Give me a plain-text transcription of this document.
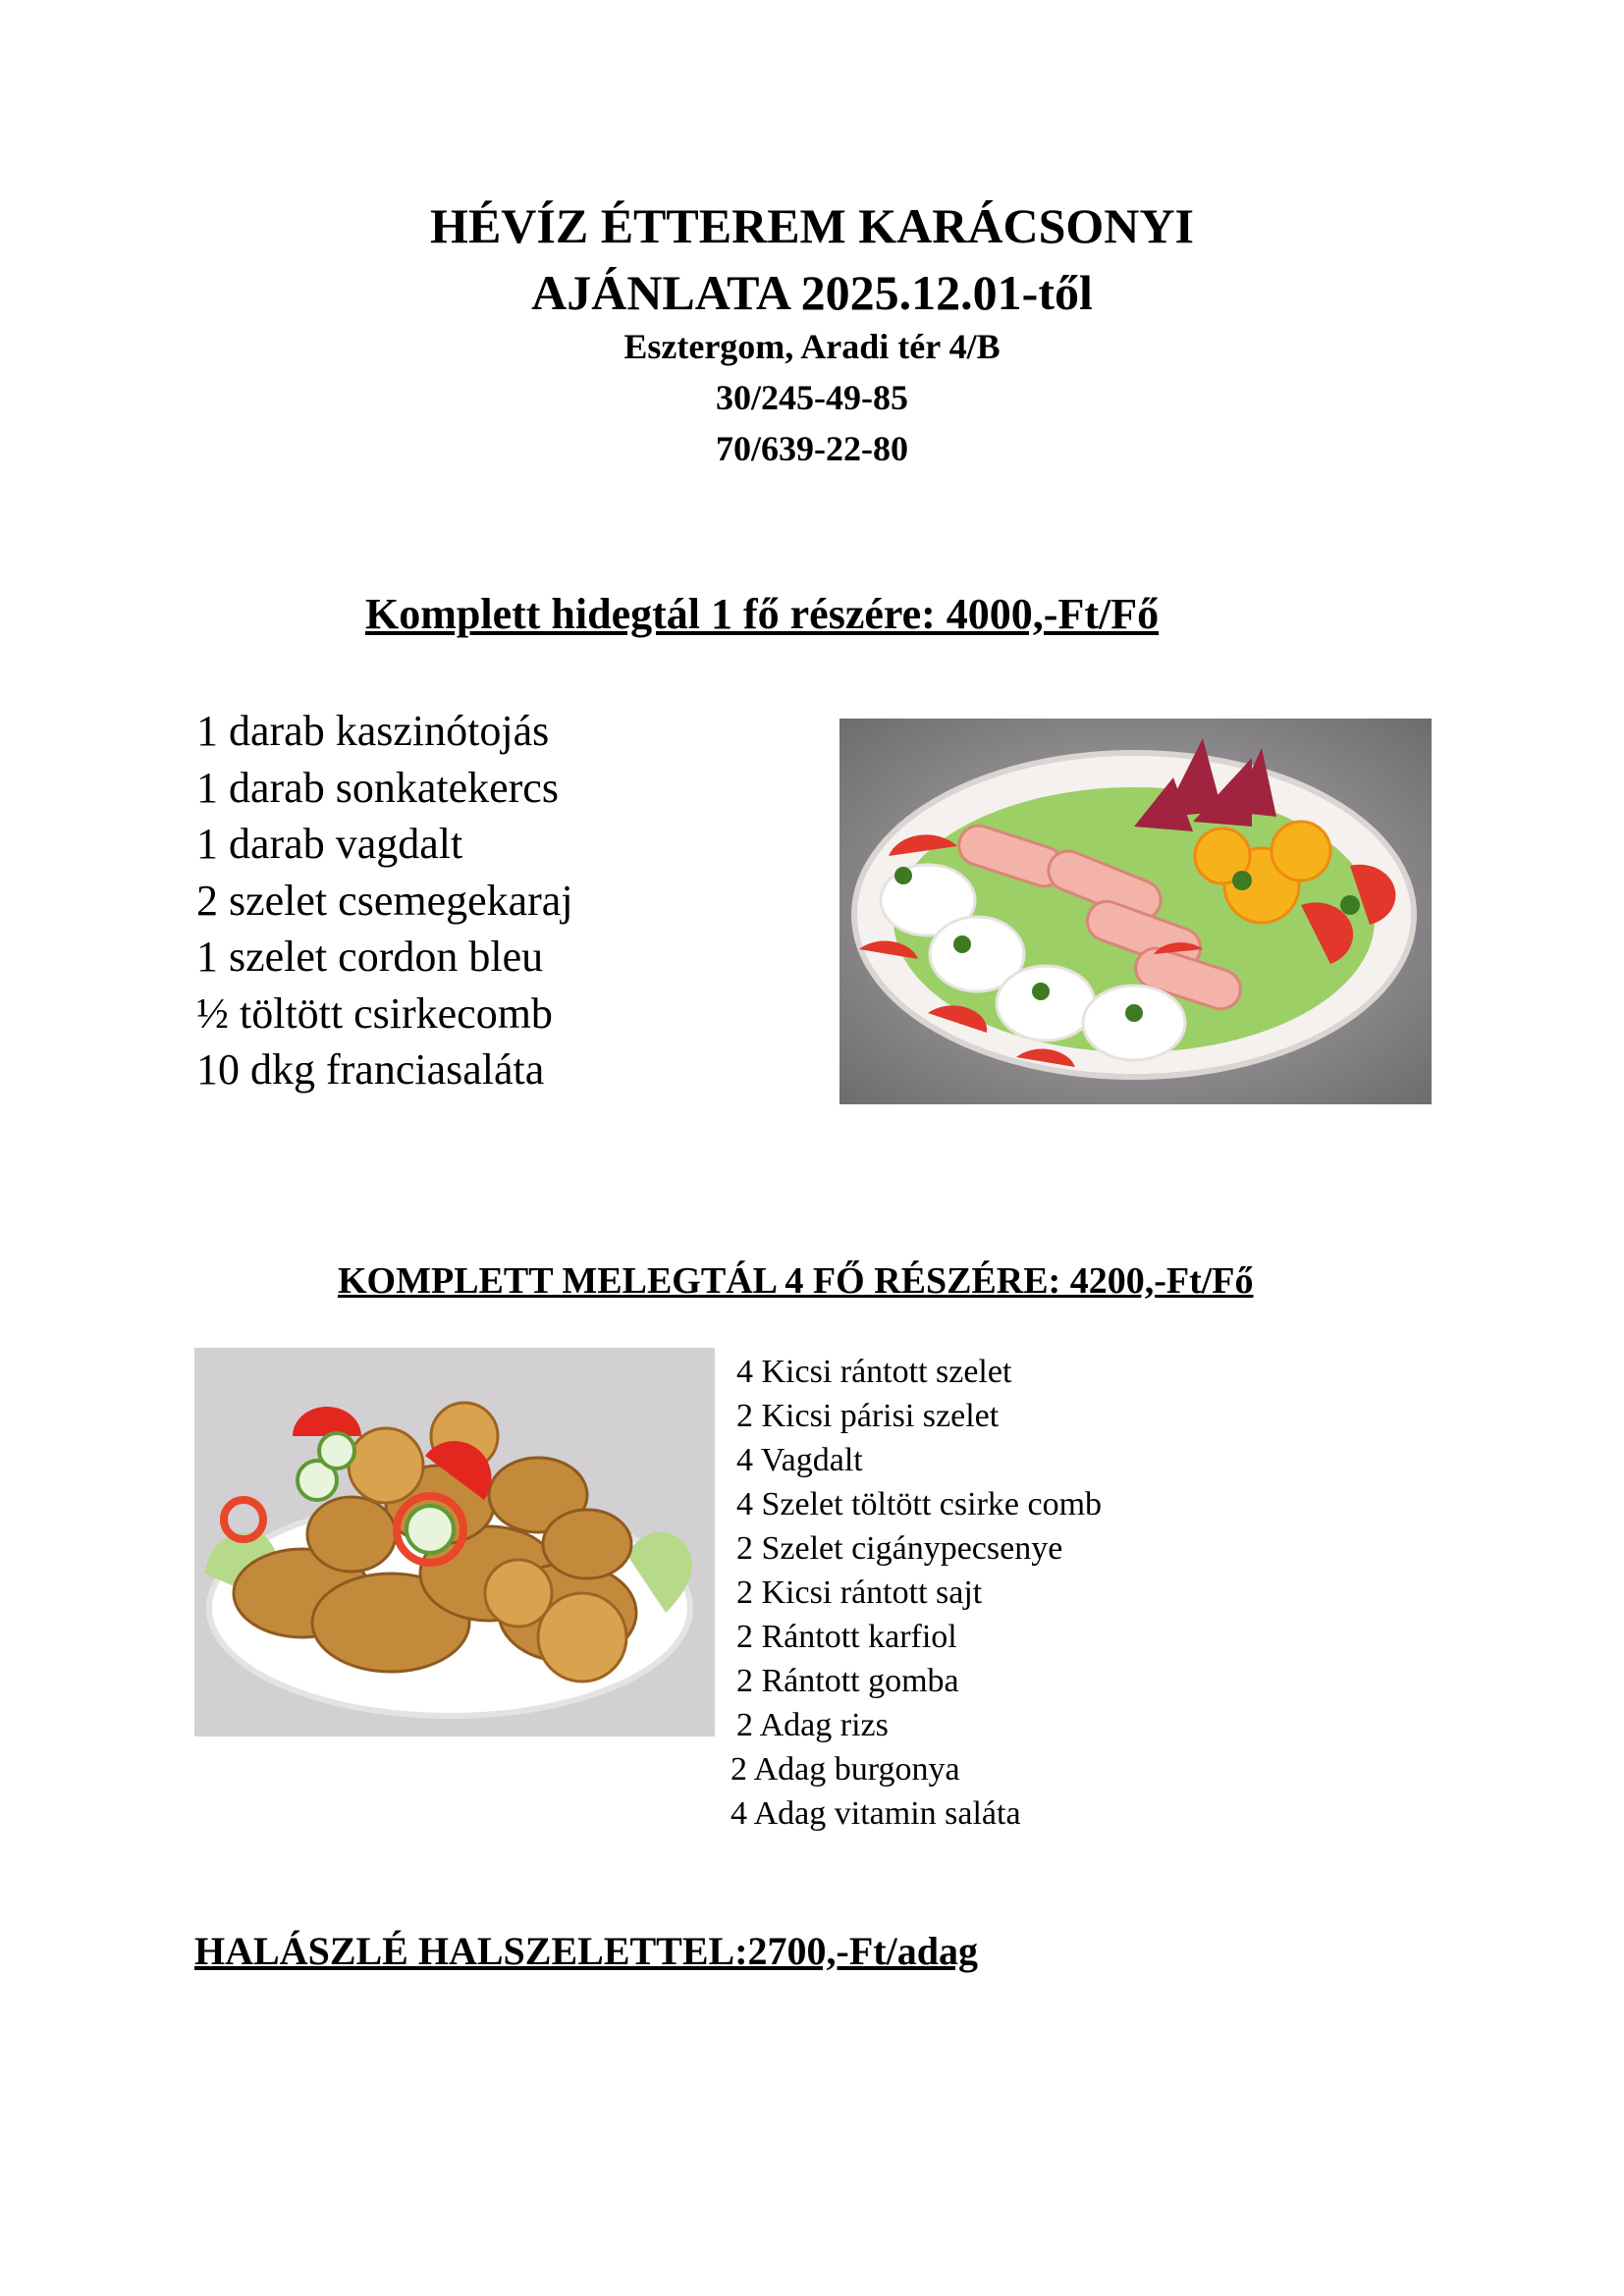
HÉVÍZ ÉTTEREM KARÁCSONYI
AJÁNLATA 2025.12.01-től
Esztergom, Aradi tér 4/B
30/245-49-85
70/639-22-80
Komplett hidegtál 1 fő részére: 4000,-Ft/Fő
1 darab kaszinótojás
1 darab sonkatekercs
1 darab vagdalt
2 szelet csemegekaraj
1 szelet cordon bleu
½ töltött csirkecomb
10 dkg franciasaláta
KOMPLETT MELEGTÁL 4 FŐ RÉSZÉRE: 4200,-Ft/Fő
4 Kicsi rántott szelet
2 Kicsi párisi szelet
4 Vagdalt
4 Szelet töltött csirke comb
2 Szelet cigánypecsenye
2 Kicsi rántott sajt
2 Rántott karfiol
2 Rántott gomba
2 Adag rizs
2 Adag burgonya
4 Adag vitamin saláta
HALÁSZLÉ HALSZELETTEL:2700,-Ft/adag
